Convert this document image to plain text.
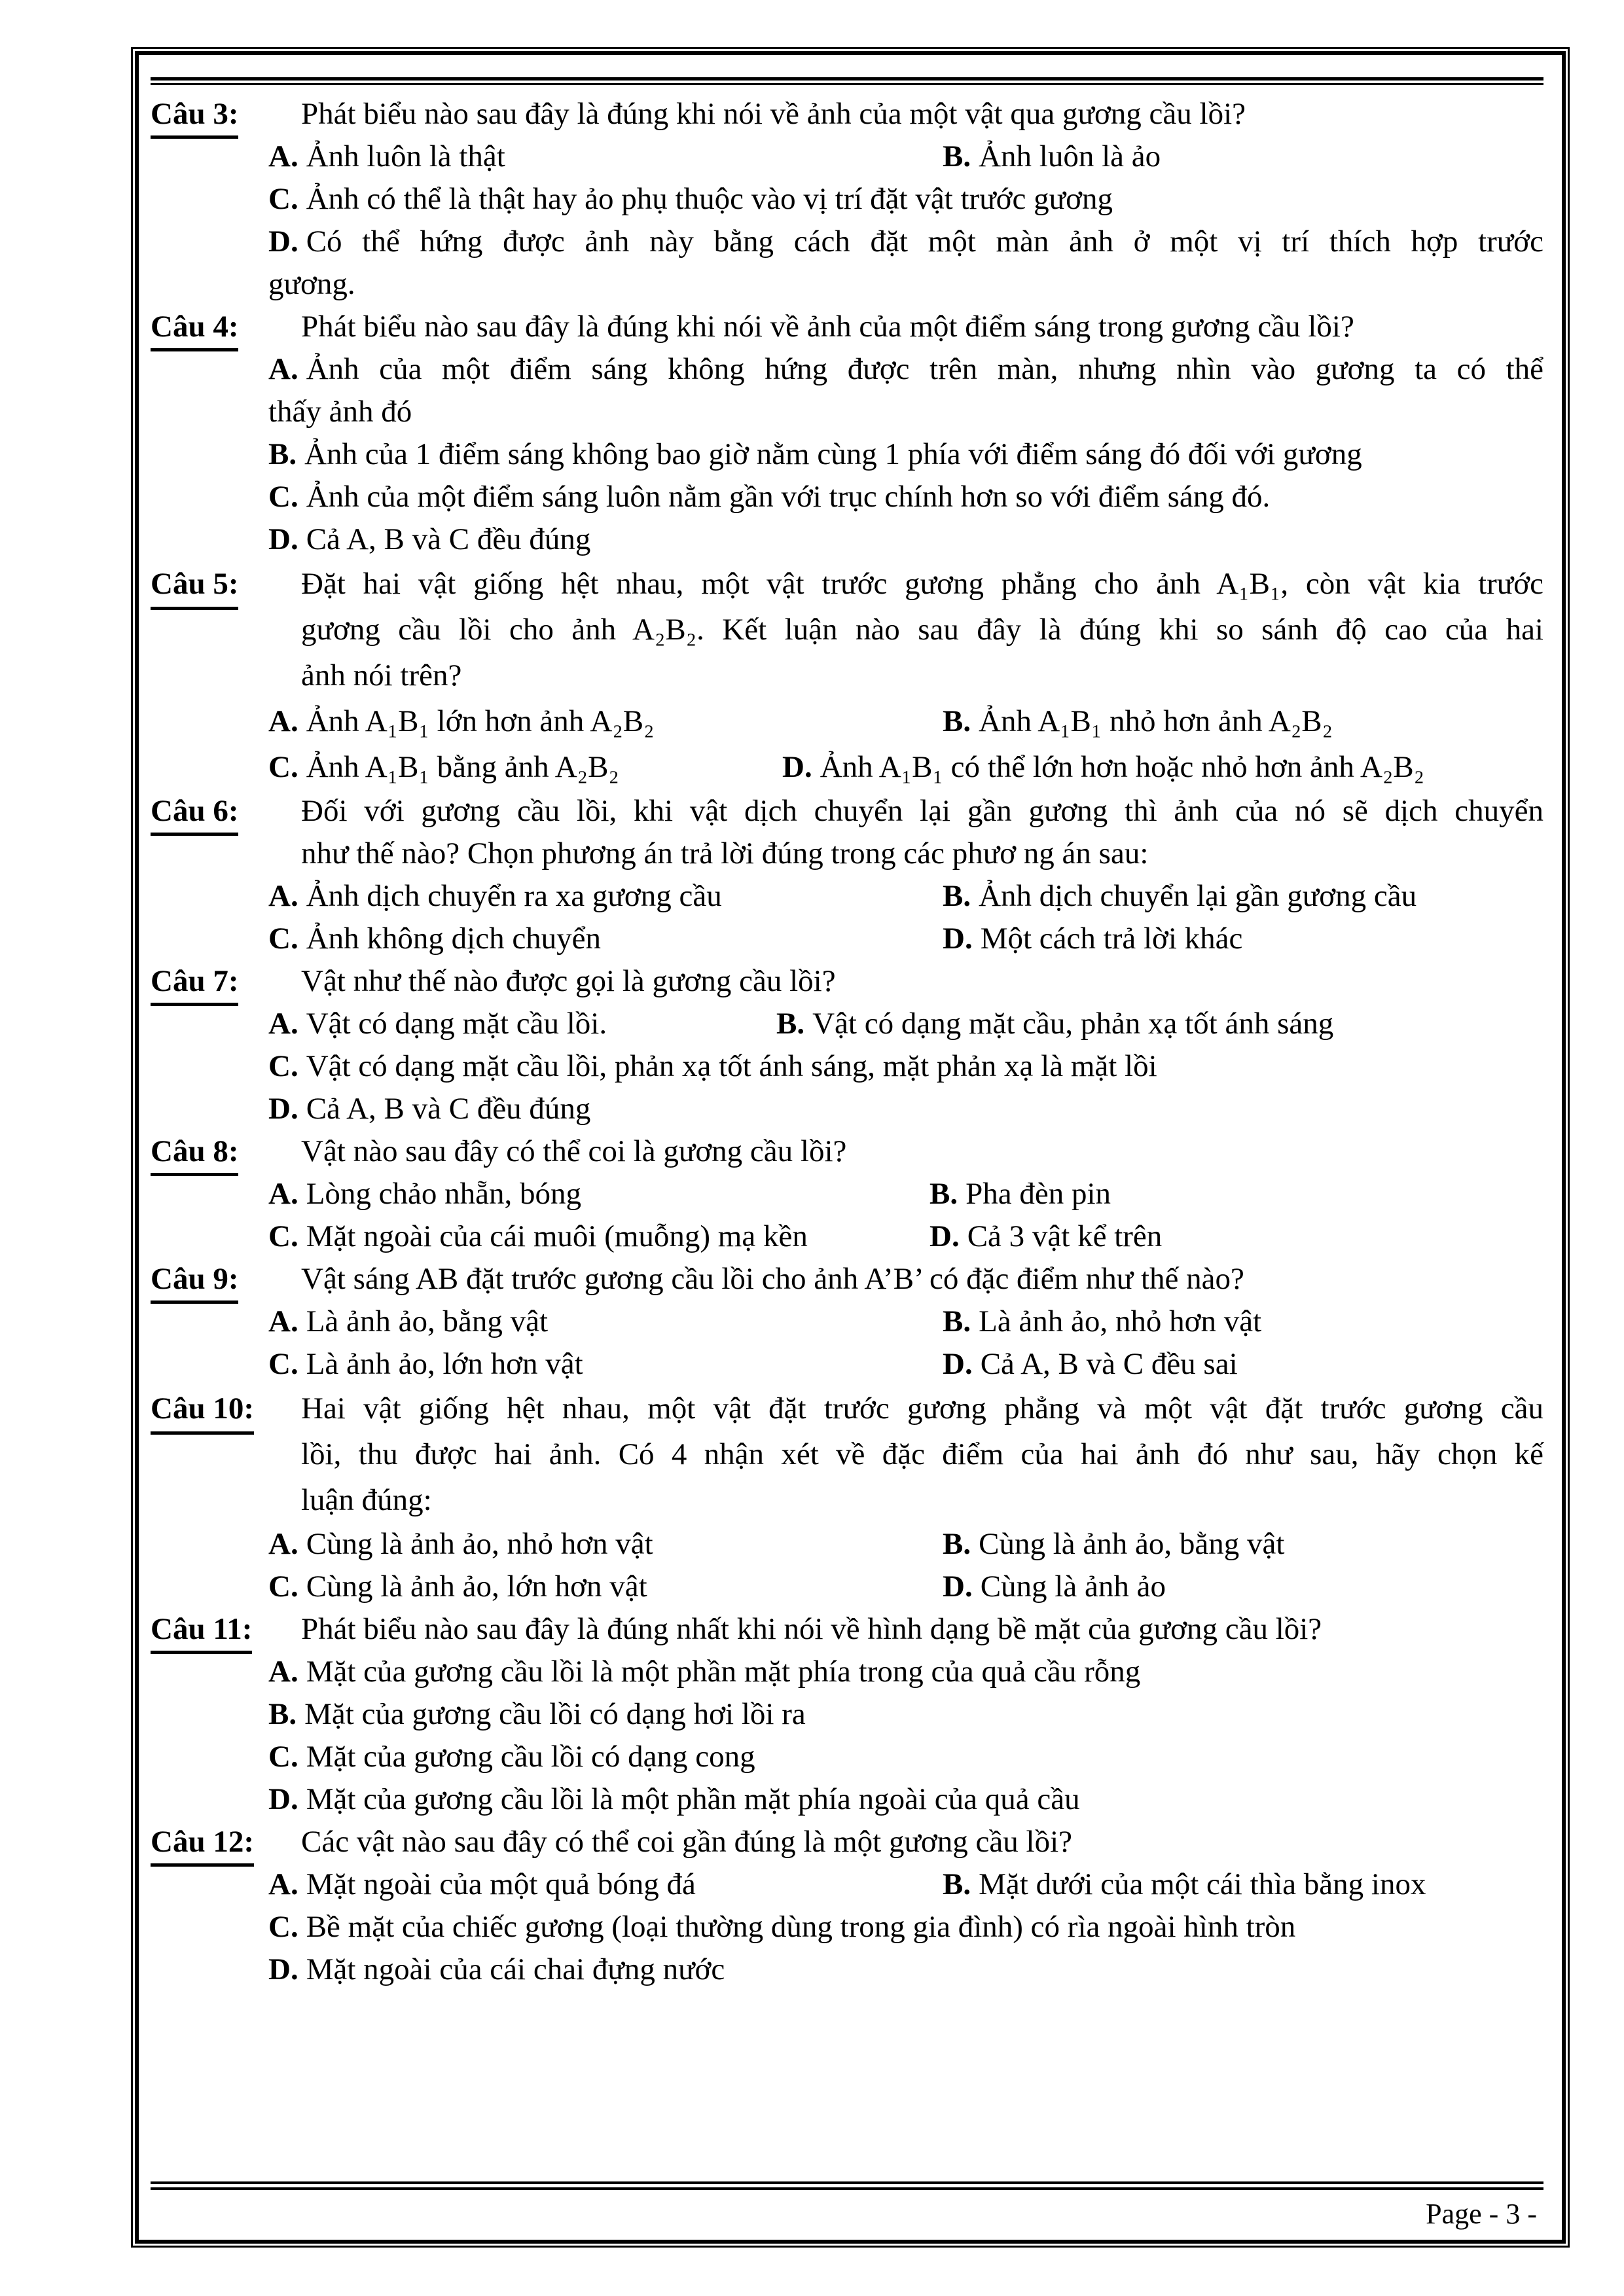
Câu 3: Phát biểu nào sau đây là đúng khi nói về ảnh của một vật qua gương cầu lồi?
A. Ảnh luôn là thật	B. Ảnh luôn là ảo
C. Ảnh có thể là thật hay ảo phụ thuộc vào vị trí đặt vật trước gương
D. Có thể hứng được ảnh này bằng cách đặt một màn ảnh ở một vị trí thích hợp trước
gương.
Câu 4: Phát biểu nào sau đây là đúng khi nói về ảnh của một điểm sáng trong gương cầu lồi?
A. Ảnh của một điểm sáng không hứng được trên màn, nhưng nhìn vào gương ta có thể
thấy ảnh đó
B. Ảnh của 1 điểm sáng không bao giờ nằm cùng 1 phía với điểm sáng đó đối với gương
C. Ảnh của một điểm sáng luôn nằm gần với trục chính hơn so với điểm sáng đó.
D. Cả A, B và C đều đúng
Câu 5: Đặt hai vật giống hệt nhau, một vật trước gương phẳng cho ảnh A₁B₁, còn vật kia trước
gương cầu lồi cho ảnh A₂B₂. Kết luận nào sau đây là đúng khi so sánh độ cao của hai
ảnh nói trên?
A. Ảnh A₁B₁ lớn hơn ảnh A₂B₂	B. Ảnh A₁B₁ nhỏ hơn ảnh A₂B₂
C. Ảnh A₁B₁ bằng ảnh A₂B₂	D. Ảnh A₁B₁ có thể lớn hơn hoặc nhỏ hơn ảnh A₂B₂
Câu 6: Đối với gương cầu lồi, khi vật dịch chuyển lại gần gương thì ảnh của nó sẽ dịch chuyển
như thế nào? Chọn phương án trả lời đúng trong các phươ ng án sau:
A. Ảnh dịch chuyển ra xa gương cầu	B. Ảnh dịch chuyển lại gần gương cầu
C. Ảnh không dịch chuyển	D. Một cách trả lời khác
Câu 7: Vật như thế nào được gọi là gương cầu lồi?
A. Vật có dạng mặt cầu lồi.	B. Vật có dạng mặt cầu, phản xạ tốt ánh sáng
C. Vật có dạng mặt cầu lồi, phản xạ tốt ánh sáng, mặt phản xạ là mặt lồi
D. Cả A, B và C đều đúng
Câu 8: Vật nào sau đây có thể coi là gương cầu lồi?
A. Lòng chảo nhẵn, bóng	B. Pha đèn pin
C. Mặt ngoài của cái muôi (muỗng) mạ kền	D. Cả 3 vật kể trên
Câu 9: Vật sáng AB đặt trước gương cầu lồi cho ảnh A’B’ có đặc điểm như thế nào?
A. Là ảnh ảo, bằng vật	B. Là ảnh ảo, nhỏ hơn vật
C. Là ảnh ảo, lớn hơn vật	D. Cả A, B và C đều sai
Câu 10: Hai vật giống hệt nhau, một vật đặt trước gương phẳng và một vật đặt trước gương cầu
lồi, thu được hai ảnh. Có 4 nhận xét về đặc điểm của hai ảnh đó như sau, hãy chọn kế
luận đúng:
A. Cùng là ảnh ảo, nhỏ hơn vật	B. Cùng là ảnh ảo, bằng vật
C. Cùng là ảnh ảo, lớn hơn vật	D. Cùng là ảnh ảo
Câu 11: Phát biểu nào sau đây là đúng nhất khi nói về hình dạng bề mặt của gương cầu lồi?
A. Mặt của gương cầu lồi là một phần mặt phía trong của quả cầu rỗng
B. Mặt của gương cầu lồi có dạng hơi lồi ra
C. Mặt của gương cầu lồi có dạng cong
D. Mặt của gương cầu lồi là một phần mặt phía ngoài của quả cầu
Câu 12: Các vật nào sau đây có thể coi gần đúng là một gương cầu lồi?
A. Mặt ngoài của một quả bóng đá	B. Mặt dưới của một cái thìa bằng inox
C. Bề mặt của chiếc gương (loại thường dùng trong gia đình) có rìa ngoài hình tròn
D. Mặt ngoài của cái chai đựng nước
Page - 3 -
